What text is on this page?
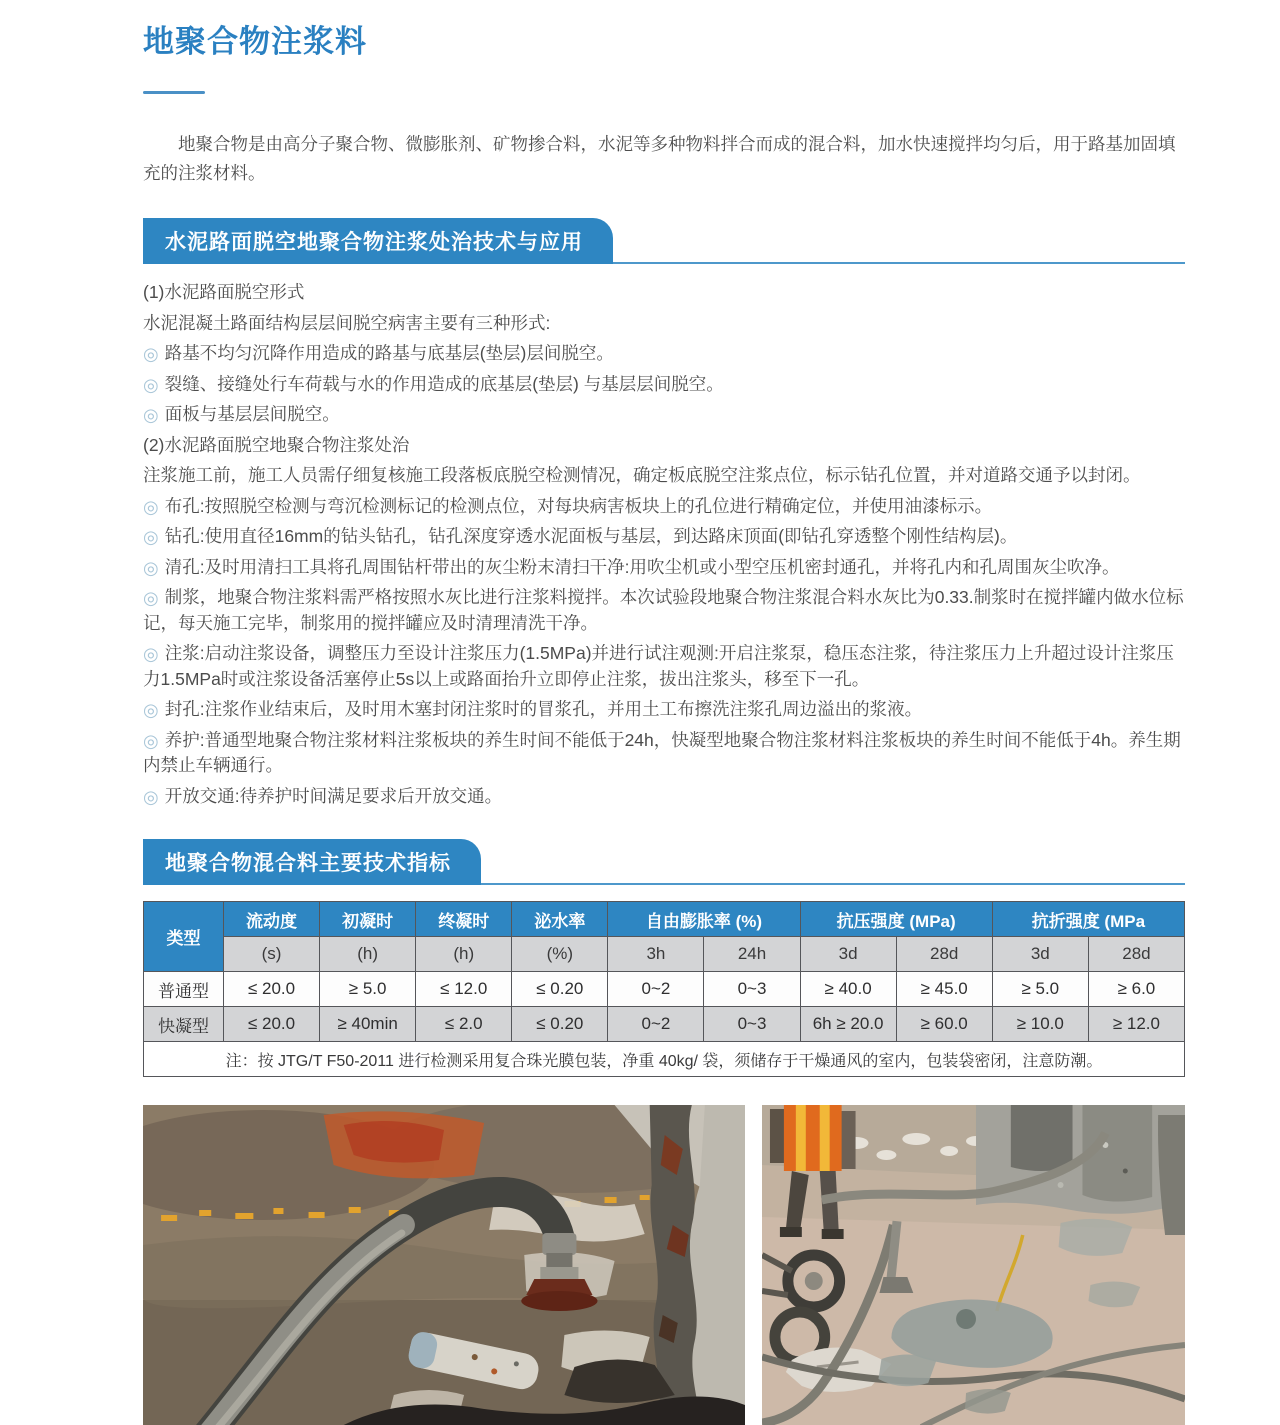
地聚合物注浆料

地聚合物是由高分子聚合物、微膨胀剂、矿物掺合料，水泥等多种物料拌合而成的混合料，加水快速搅拌均匀后，用于路基加固填充的注浆材料。

水泥路面脱空地聚合物注浆处治技术与应用

(1)水泥路面脱空形式

水泥混凝土路面结构层层间脱空病害主要有三种形式:

◎ 路基不均匀沉降作用造成的路基与底基层(垫层)层间脱空。

◎ 裂缝、接缝处行车荷载与水的作用造成的底基层(垫层) 与基层层间脱空。

◎ 面板与基层层间脱空。

(2)水泥路面脱空地聚合物注浆处治

注浆施工前，施工人员需仔细复核施工段落板底脱空检测情况，确定板底脱空注浆点位，标示钻孔位置，并对道路交通予以封闭。

◎ 布孔:按照脱空检测与弯沉检测标记的检测点位，对每块病害板块上的孔位进行精确定位，并使用油漆标示。

◎ 钻孔:使用直径16mm的钻头钻孔，钻孔深度穿透水泥面板与基层，到达路床顶面(即钻孔穿透整个刚性结构层)。

◎ 清孔:及时用清扫工具将孔周围钻杆带出的灰尘粉末清扫干净:用吹尘机或小型空压机密封通孔，并将孔内和孔周围灰尘吹净。

◎ 制浆，地聚合物注浆料需严格按照水灰比进行注浆料搅拌。本次试验段地聚合物注浆混合料水灰比为0.33.制浆时在搅拌罐内做水位标记，每天施工完毕，制浆用的搅拌罐应及时清理清洗干净。

◎ 注浆:启动注浆设备，调整压力至设计注浆压力(1.5MPa)并进行试注观测:开启注浆泵，稳压态注浆，待注浆压力上升超过设计注浆压力1.5MPa时或注浆设备活塞停止5s以上或路面抬升立即停止注浆，拔出注浆头，移至下一孔。

◎ 封孔:注浆作业结束后，及时用木塞封闭注浆时的冒浆孔，并用土工布擦洗注浆孔周边溢出的浆液。

◎ 养护:普通型地聚合物注浆材料注浆板块的养生时间不能低于24h，快凝型地聚合物注浆材料注浆板块的养生时间不能低于4h。养生期内禁止车辆通行。

◎ 开放交通:待养护时间满足要求后开放交通。

地聚合物混合料主要技术指标
类型	流动度	初凝时	终凝时	泌水率	自由膨胀率 (%)		抗压强度 (MPa)		抗折强度 (MPa	
	(s)	(h)	(h)	(%)	3h	24h	3d	28d	3d	28d
普通型	≤ 20.0	≥ 5.0	≤ 12.0	≤ 0.20	0~2	0~3	≥ 40.0	≥ 45.0	≥ 5.0	≥ 6.0
快凝型	≤ 20.0	≥ 40min	≤ 2.0	≤ 0.20	0~2	0~3	6h ≥ 20.0	≥ 60.0	≥ 10.0	≥ 12.0
注：按 JTG/T F50-2011 进行检测采用复合珠光膜包装，净重 40kg/ 袋，须储存于干燥通风的室内，包装袋密闭，注意防潮。										
